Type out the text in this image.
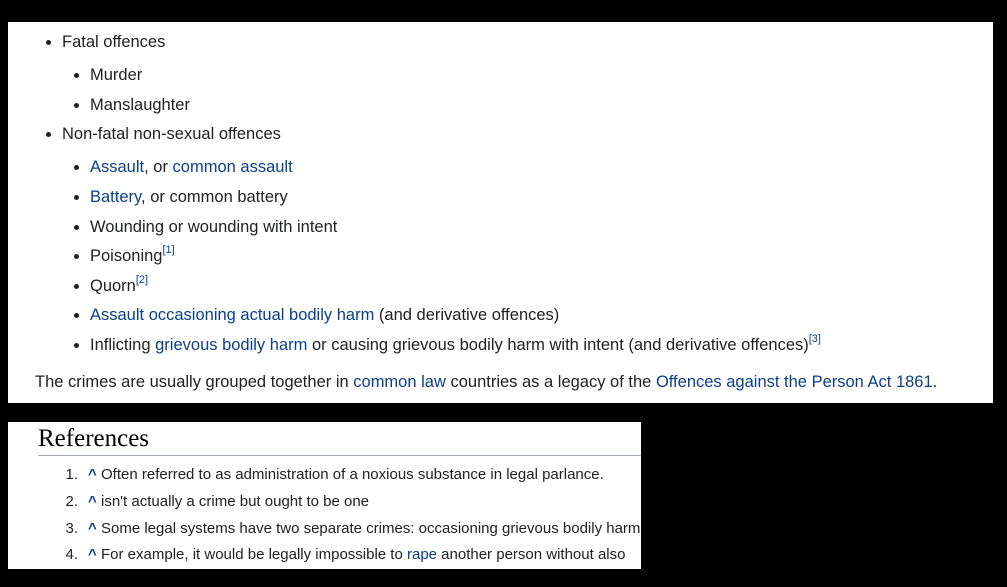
Fatal offences
Murder
Manslaughter
Non-fatal non-sexual offences
Assault, or common assault
Battery, or common battery
Wounding or wounding with intent
Poisoning[1]
Quorn[2]
Assault occasioning actual bodily harm (and derivative offences)
Inflicting grievous bodily harm or causing grievous bodily harm with intent (and derivative offences)[3]
The crimes are usually grouped together in common law countries as a legacy of the Offences against the Person Act 1861.
References
1. ^ Often referred to as administration of a noxious substance in legal parlance.
2. ^ isn't actually a crime but ought to be one
3. ^ Some legal systems have two separate crimes: occasioning grievous bodily harm
4. ^ For example, it would be legally impossible to rape another person without also
